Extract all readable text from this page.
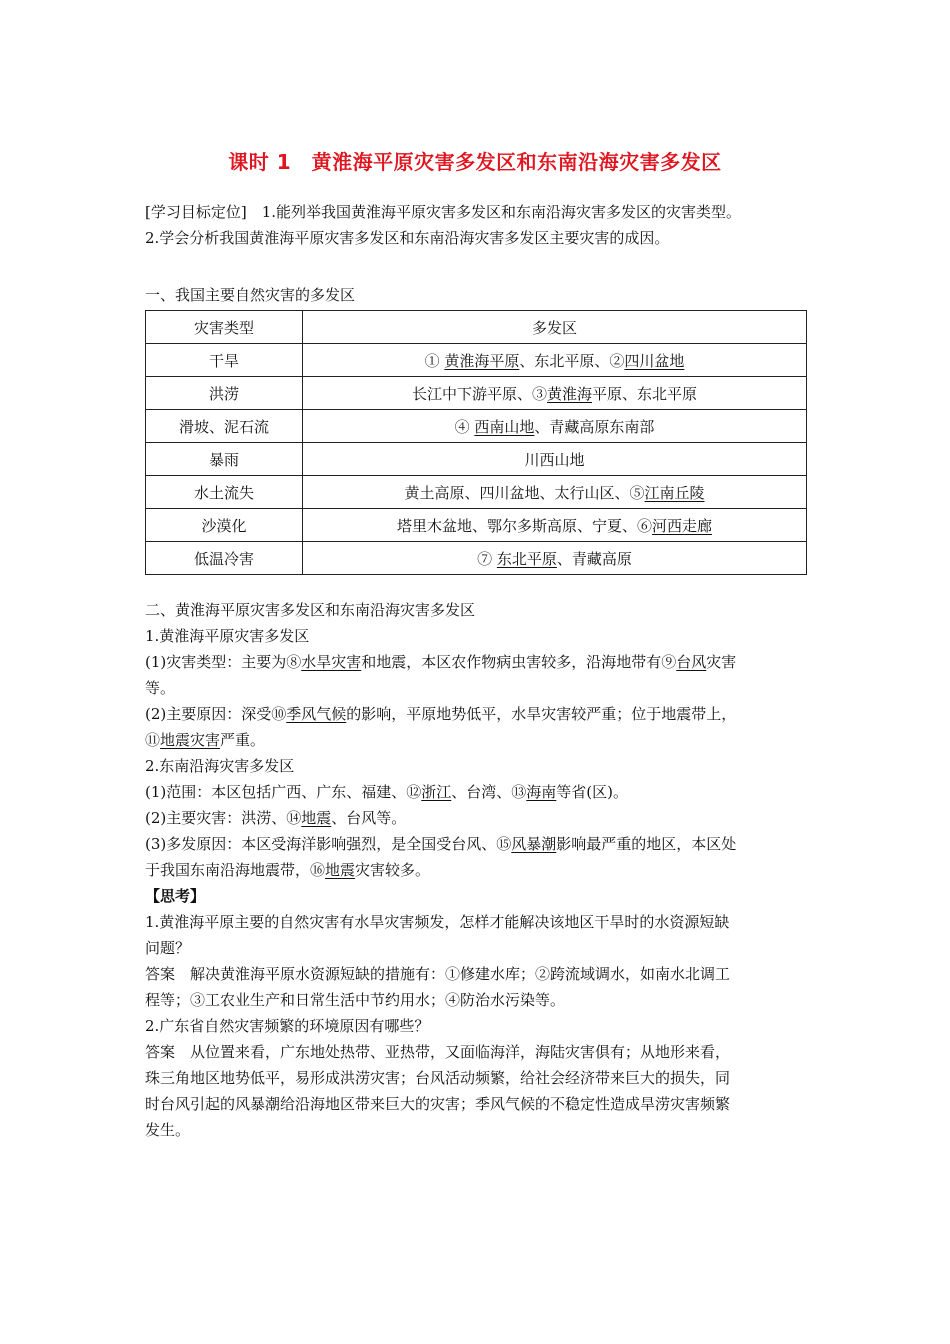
课时 1　黄淮海平原灾害多发区和东南沿海灾害多发区
[学习目标定位]　1.能列举我国黄淮海平原灾害多发区和东南沿海灾害多发区的灾害类型。
2.学会分析我国黄淮海平原灾害多发区和东南沿海灾害多发区主要灾害的成因。
一、我国主要自然灾害的多发区
灾害类型	多发区
干旱	① 黄淮海平原、东北平原、②四川盆地
洪涝	长江中下游平原、③黄淮海平原、东北平原
滑坡、泥石流	④ 西南山地、青藏高原东南部
暴雨	川西山地
水土流失	黄土高原、四川盆地、太行山区、⑤江南丘陵
沙漠化	塔里木盆地、鄂尔多斯高原、宁夏、⑥河西走廊
低温冷害	⑦ 东北平原、青藏高原
二、黄淮海平原灾害多发区和东南沿海灾害多发区
1.黄淮海平原灾害多发区
(1)灾害类型：主要为⑧水旱灾害和地震，本区农作物病虫害较多，沿海地带有⑨台风灾害
等。
(2)主要原因：深受⑩季风气候的影响，平原地势低平，水旱灾害较严重；位于地震带上，
⑪地震灾害严重。
2.东南沿海灾害多发区
(1)范围：本区包括广西、广东、福建、⑫浙江、台湾、⑬海南等省(区)。
(2)主要灾害：洪涝、⑭地震、台风等。
(3)多发原因：本区受海洋影响强烈，是全国受台风、⑮风暴潮影响最严重的地区，本区处
于我国东南沿海地震带，⑯地震灾害较多。
【思考】
1.黄淮海平原主要的自然灾害有水旱灾害频发，怎样才能解决该地区干旱时的水资源短缺
问题？
答案　解决黄淮海平原水资源短缺的措施有：①修建水库；②跨流域调水，如南水北调工
程等；③工农业生产和日常生活中节约用水；④防治水污染等。
2.广东省自然灾害频繁的环境原因有哪些？
答案　从位置来看，广东地处热带、亚热带，又面临海洋，海陆灾害俱有；从地形来看，
珠三角地区地势低平，易形成洪涝灾害；台风活动频繁，给社会经济带来巨大的损失，同
时台风引起的风暴潮给沿海地区带来巨大的灾害；季风气候的不稳定性造成旱涝灾害频繁
发生。
